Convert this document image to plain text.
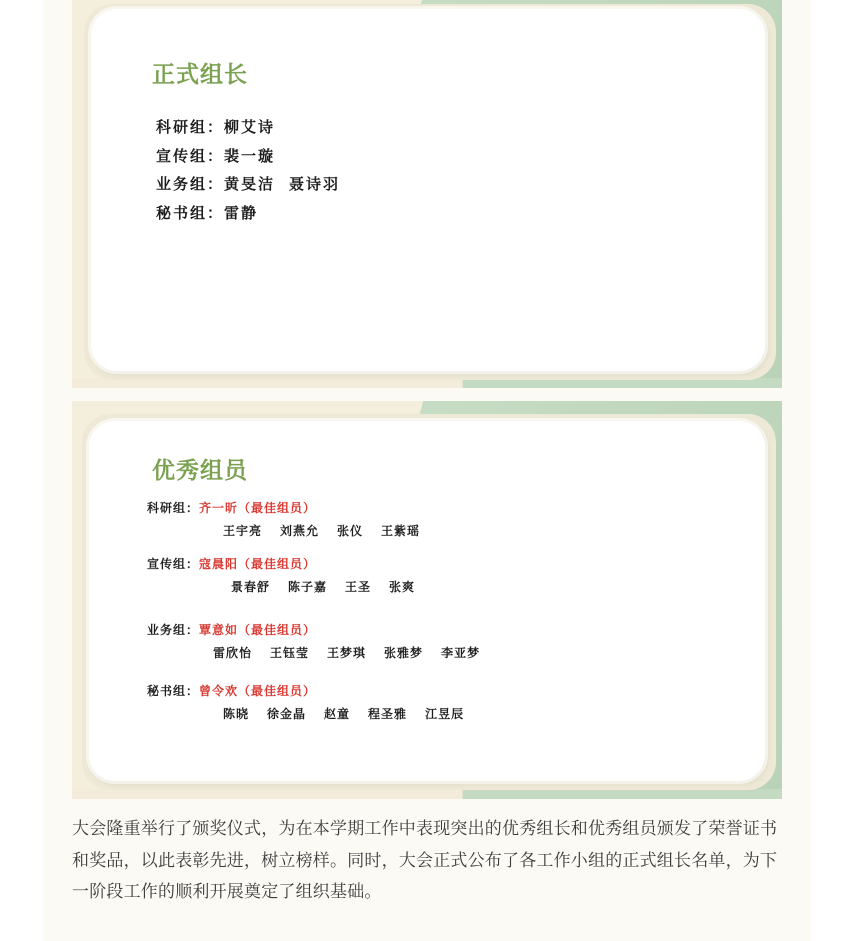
正式组长
科研组：柳艾诗
宣传组：裴一璇
业务组：黄旻洁 聂诗羽
秘书组：雷静
优秀组员
科研组：齐一昕（最佳组员）
王宇亮 刘燕允 张仪 王紫瑶
宣传组：寇晨阳（最佳组员）
景春舒 陈子嘉 王圣 张爽
业务组：覃意如（最佳组员）
雷欣怡 王钰莹 王梦琪 张雅梦 李亚梦
秘书组：曾令欢（最佳组员）
陈晓 徐金晶 赵童 程圣雅 江昱辰

大会隆重举行了颁奖仪式，为在本学期工作中表现突出的优秀组长和优秀组员颁发了荣誉证书和奖品，以此表彰先进，树立榜样。同时，大会正式公布了各工作小组的正式组长名单，为下一阶段工作的顺利开展奠定了组织基础。
